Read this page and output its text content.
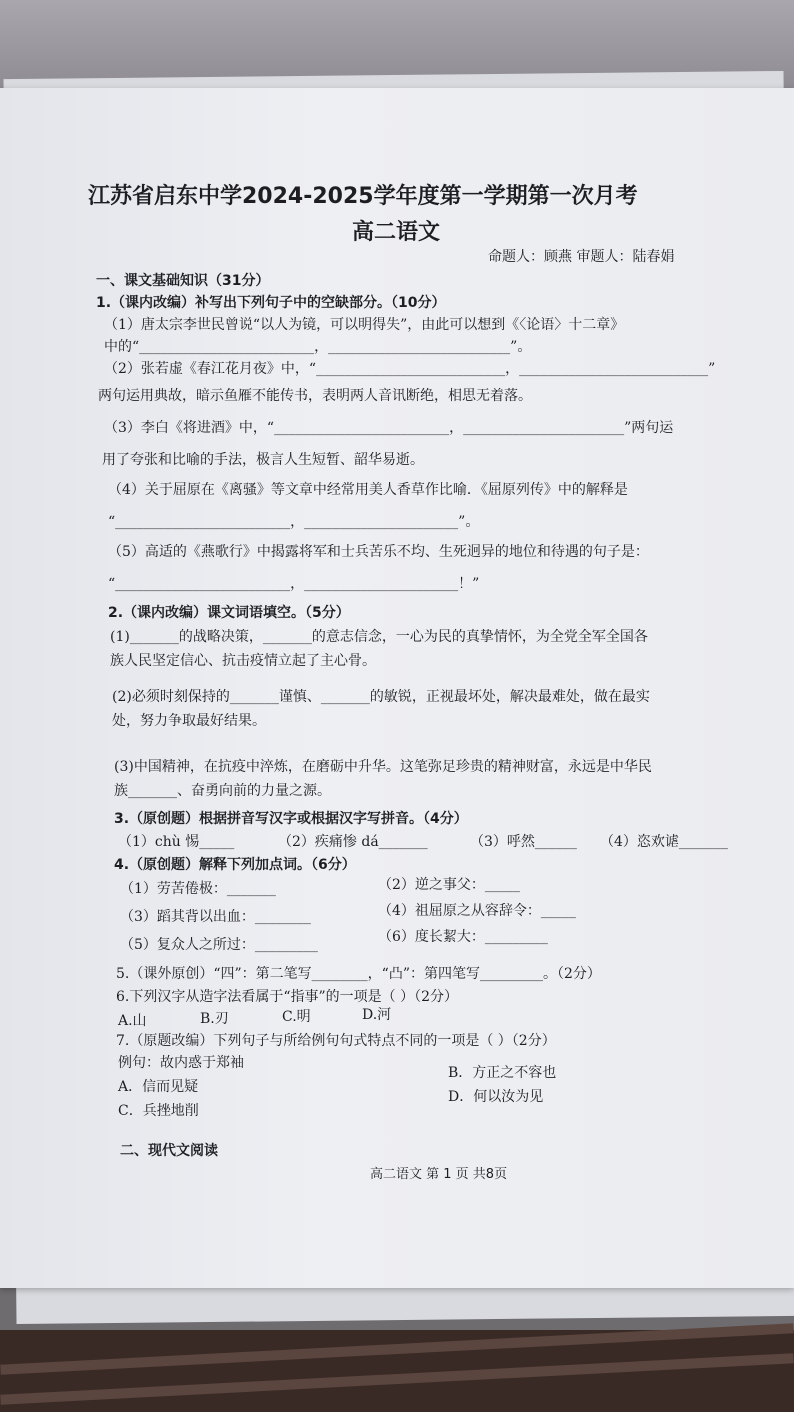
江苏省启东中学2024-2025学年度第一学期第一次月考
高二语文
命题人：顾燕 审题人：陆春娟
一、课文基础知识（31分）
1.（课内改编）补写出下列句子中的空缺部分。（10分）
（1）唐太宗李世民曾说“以人为镜，可以明得失”，由此可以想到《〈论语〉十二章》
中的“_________________________，__________________________”。
（2）张若虚《春江花月夜》中，“___________________________，___________________________”
两句运用典故，暗示鱼雁不能传书，表明两人音讯断绝，相思无着落。
（3）李白《将进酒》中，“_________________________，_______________________”两句运
用了夸张和比喻的手法，极言人生短暂、韶华易逝。
（4）关于屈原在《离骚》等文章中经常用美人香草作比喻．《屈原列传》中的解释是
“_________________________，______________________”。
（5）高适的《燕歌行》中揭露将军和士兵苦乐不均、生死迥异的地位和待遇的句子是：
“_________________________，______________________！”
2.（课内改编）课文词语填空。（5分）
(1)_______的战略决策，_______的意志信念，一心为民的真挚情怀，为全党全军全国各
族人民坚定信心、抗击疫情立起了主心骨。
(2)必须时刻保持的_______谨慎、_______的敏锐，正视最坏处，解决最难处，做在最实
处，努力争取最好结果。
(3)中国精神，在抗疫中淬炼，在磨砺中升华。这笔弥足珍贵的精神财富，永远是中华民
族_______、奋勇向前的力量之源。
3.（原创题）根据拼音写汉字或根据汉字写拼音。（4分）
（1）chù 惕_____	（2）疾痛惨 dá_______	（3）呼然______ （4）恣欢谑_______
4.（原创题）解释下列加点词。（6分）
（1）劳苦倦极：_______	（2）逆之事父：_____
（3）蹈其背以出血：________	（4）祖屈原之从容辞令：_____
（5）复众人之所过：_________	（6）度长絜大：_________
5.（课外原创）“四”：第二笔写________，“凸”：第四笔写_________。（2分）
6.下列汉字从造字法看属于“指事”的一项是（ ）（2分）
A.山	B.刃	C.明	D.河
7.（原题改编）下列句子与所给例句句式特点不同的一项是（ ）（2分）
例句：故内惑于郑袖
A．信而见疑
B．方正之不容也
C．兵挫地削
D．何以汝为见
二、现代文阅读
高二语文 第 1 页 共8页
